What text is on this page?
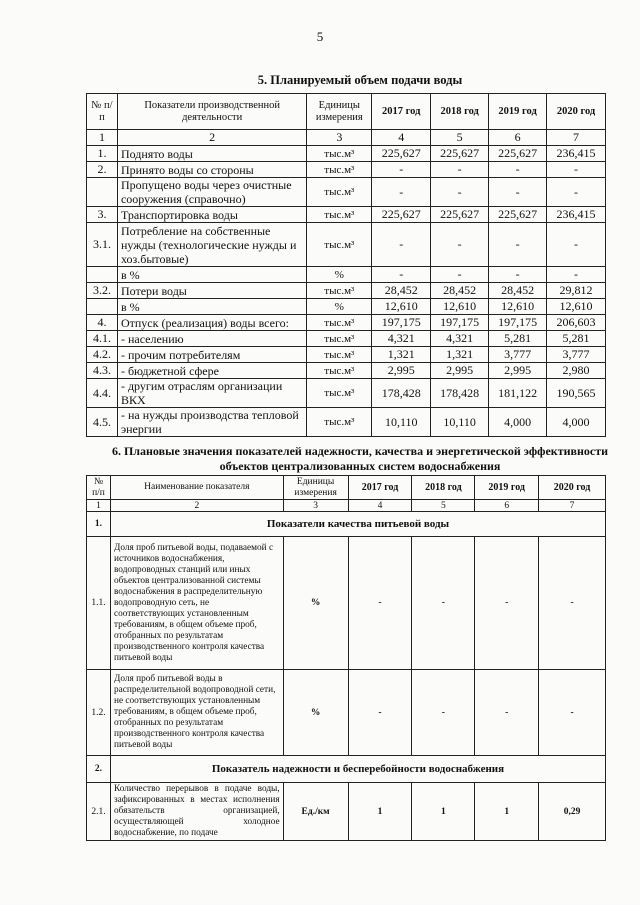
5
5. Планируемый объем подачи воды
№ п/п	Показатели производственной деятельности	Единицы измерения	2017 год	2018 год	2019 год	2020 год
1	2	3	4	5	6	7
1.	Поднято воды	тыс.м³	225,627	225,627	225,627	236,415
2.	Принято воды со стороны	тыс.м³	-	-	-	-
	Пропущено воды через очистные сооружения (справочно)	тыс.м³	-	-	-	-
3.	Транспортировка воды	тыс.м³	225,627	225,627	225,627	236,415
3.1.	Потребление на собственные нужды (технологические нужды и хоз.бытовые)	тыс.м³	-	-	-	-
	в %	%	-	-	-	-
3.2.	Потери воды	тыс.м³	28,452	28,452	28,452	29,812
	в %	%	12,610	12,610	12,610	12,610
4.	Отпуск (реализация) воды всего:	тыс.м³	197,175	197,175	197,175	206,603
4.1.	- населению	тыс.м³	4,321	4,321	5,281	5,281
4.2.	- прочим потребителям	тыс.м³	1,321	1,321	3,777	3,777
4.3.	- бюджетной сфере	тыс.м³	2,995	2,995	2,995	2,980
4.4.	- другим отраслям организации ВКХ	тыс.м³	178,428	178,428	181,122	190,565
4.5.	- на нужды производства тепловой энергии	тыс.м³	10,110	10,110	4,000	4,000
6. Плановые значения показателей надежности, качества и энергетической эффективности объектов централизованных систем водоснабжения
№ п/п	Наименование показателя	Единицы измерения	2017 год	2018 год	2019 год	2020 год
1	2	3	4	5	6	7
1.	Показатели качества питьевой воды					
1.1.	Доля проб питьевой воды, подаваемой с источников водоснабжения, водопроводных станций или иных объектов централизованной системы водоснабжения в распределительную водопроводную сеть, не соответствующих установленным требованиям, в общем объеме проб, отобранных по результатам производственного контроля качества питьевой воды	%	-	-	-	-
1.2.	Доля проб питьевой воды в распределительной водопроводной сети, не соответствующих установленным требованиям, в общем объеме проб, отобранных по результатам производственного контроля качества питьевой воды	%	-	-	-	-
2.	Показатель надежности и бесперебойности водоснабжения					
2.1.	Количество перерывов в подаче воды, зафиксированных в местах исполнения обязательств организацией, осуществляющей холодное водоснабжение, по подаче	Ед./км	1	1	1	0,29
